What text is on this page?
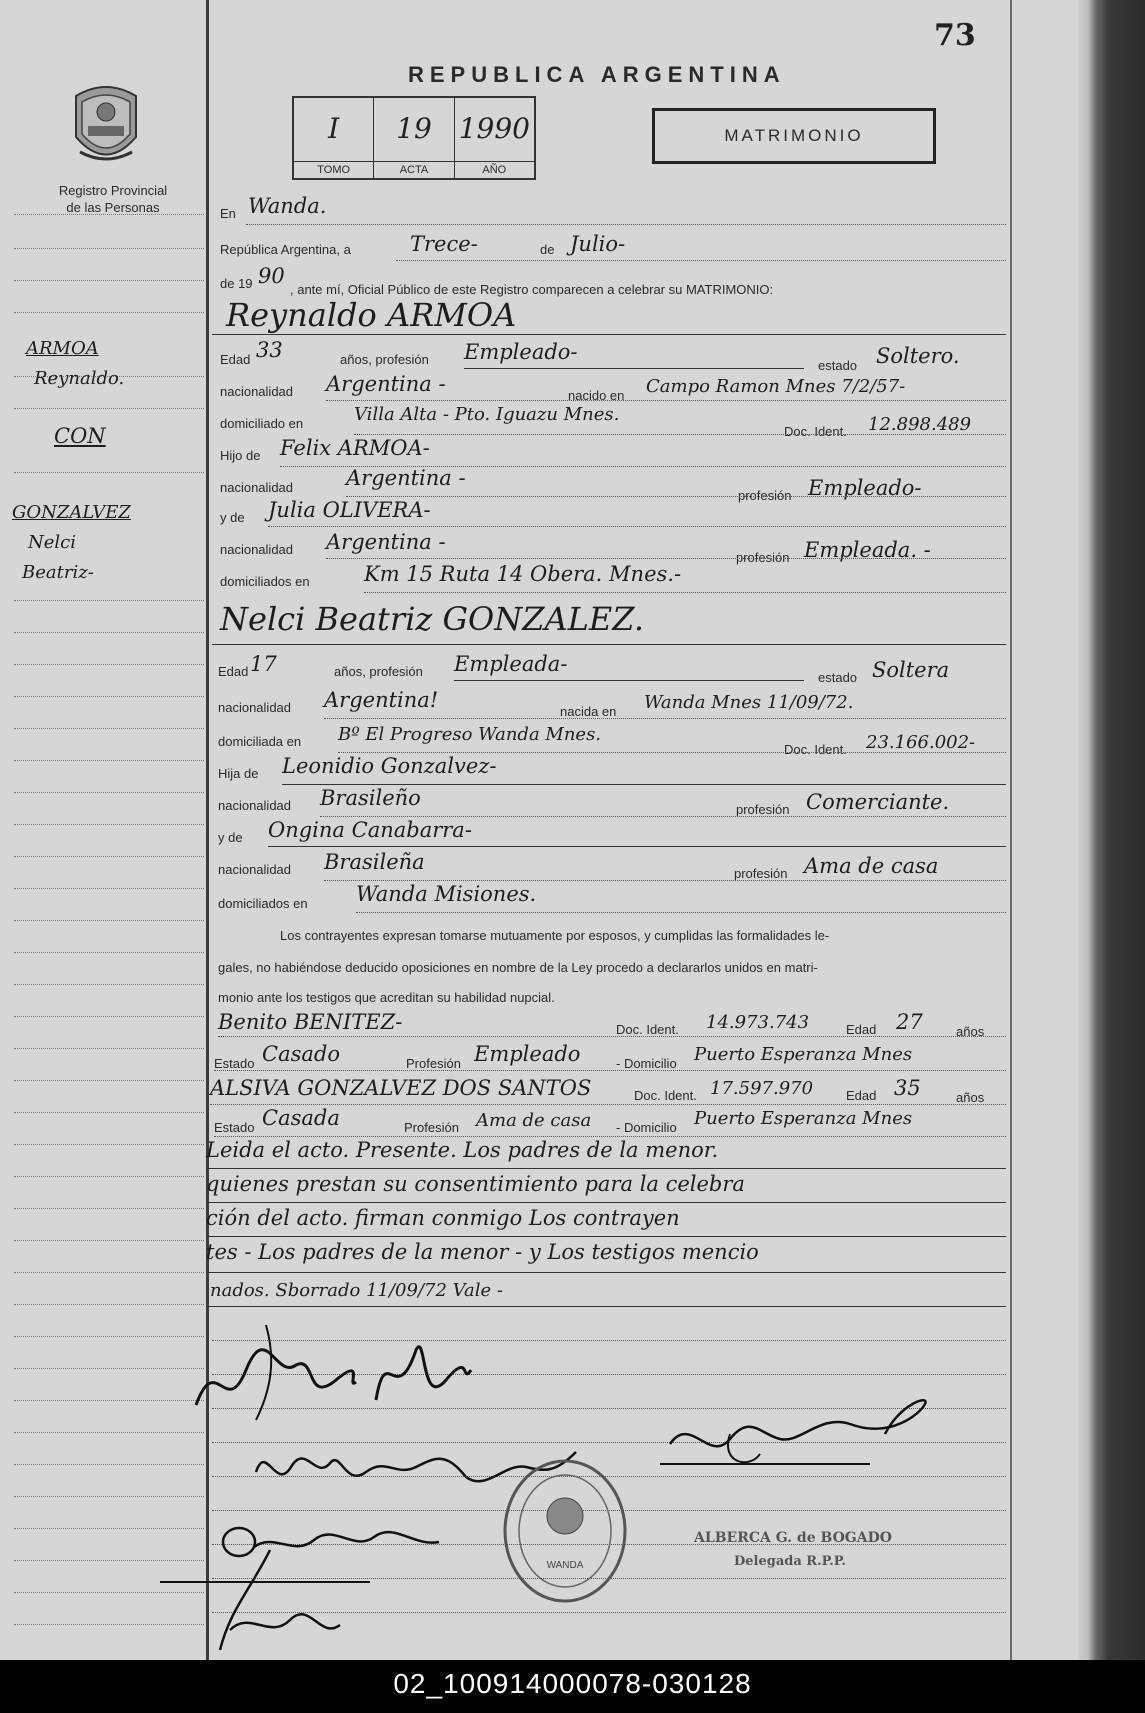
Registro Provincial
de las Personas
73
REPUBLICA ARGENTINA
I
TOMO
19
ACTA
1990
AÑO
MATRIMONIO
ARMOA
Reynaldo.
CON
GONZALVEZ
Nelci
Beatriz-
En Wanda.
República Argentina, a	Trece-	de Julio-
de 19 90
, ante mí, Oficial Público de este Registro comparecen a celebrar su MATRIMONIO:
Reynaldo ARMOA
Edad 33	años, profesión Empleado-
estado Soltero.
nacionalidad Argentina -	nacido en Campo Ramon Mnes 7/2/57-
domiciliado en	Villa Alta - Pto. Iguazu Mnes.
Doc. Ident. 12.898.489
Hijo de Felix ARMOA-
nacionalidad	Argentina -
profesión Empleado-
y de Julia OLIVERA-
nacionalidad Argentina -
profesión Empleada. -
domiciliados en	Km 15 Ruta 14 Obera. Mnes.-
Nelci Beatriz GONZALEZ.
Edad 17	años, profesión Empleada-
estado Soltera
nacionalidad Argentina!	nacida en Wanda Mnes 11/09/72.
domiciliada en Bº El Progreso Wanda Mnes.
Doc. Ident. 23.166.002-
Hija de Leonidio Gonzalvez-
nacionalidad Brasileño	profesión Comerciante.
y de Ongina Canabarra-
nacionalidad Brasileña	profesión Ama de casa
domiciliados en Wanda Misiones.
Los contrayentes expresan tomarse mutuamente por esposos, y cumplidas las formalidades le-
gales, no habiéndose deducido oposiciones en nombre de la Ley procedo a declararlos unidos en matri-
monio ante los testigos que acreditan su habilidad nupcial.
Benito BENITEZ-	Doc. Ident. 14.973.743	Edad 27	años
Estado Casado	Profesión Empleado	- Domicilio Puerto Esperanza Mnes
ALSIVA GONZALVEZ DOS SANTOS	Doc. Ident. 17.597.970	Edad 35	años
Estado Casada	Profesión Ama de casa - Domicilio Puerto Esperanza Mnes
Leida el acto. Presente. Los padres de la menor.
quienes prestan su consentimiento para la celebra
ción del acto. firman conmigo Los contrayen
tes - Los padres de la menor - y Los testigos mencio
nados. Sborrado 11/09/72 Vale -
WANDA
ALBERCA G. de BOGADO
Delegada R.P.P.
02_100914000078-030128
